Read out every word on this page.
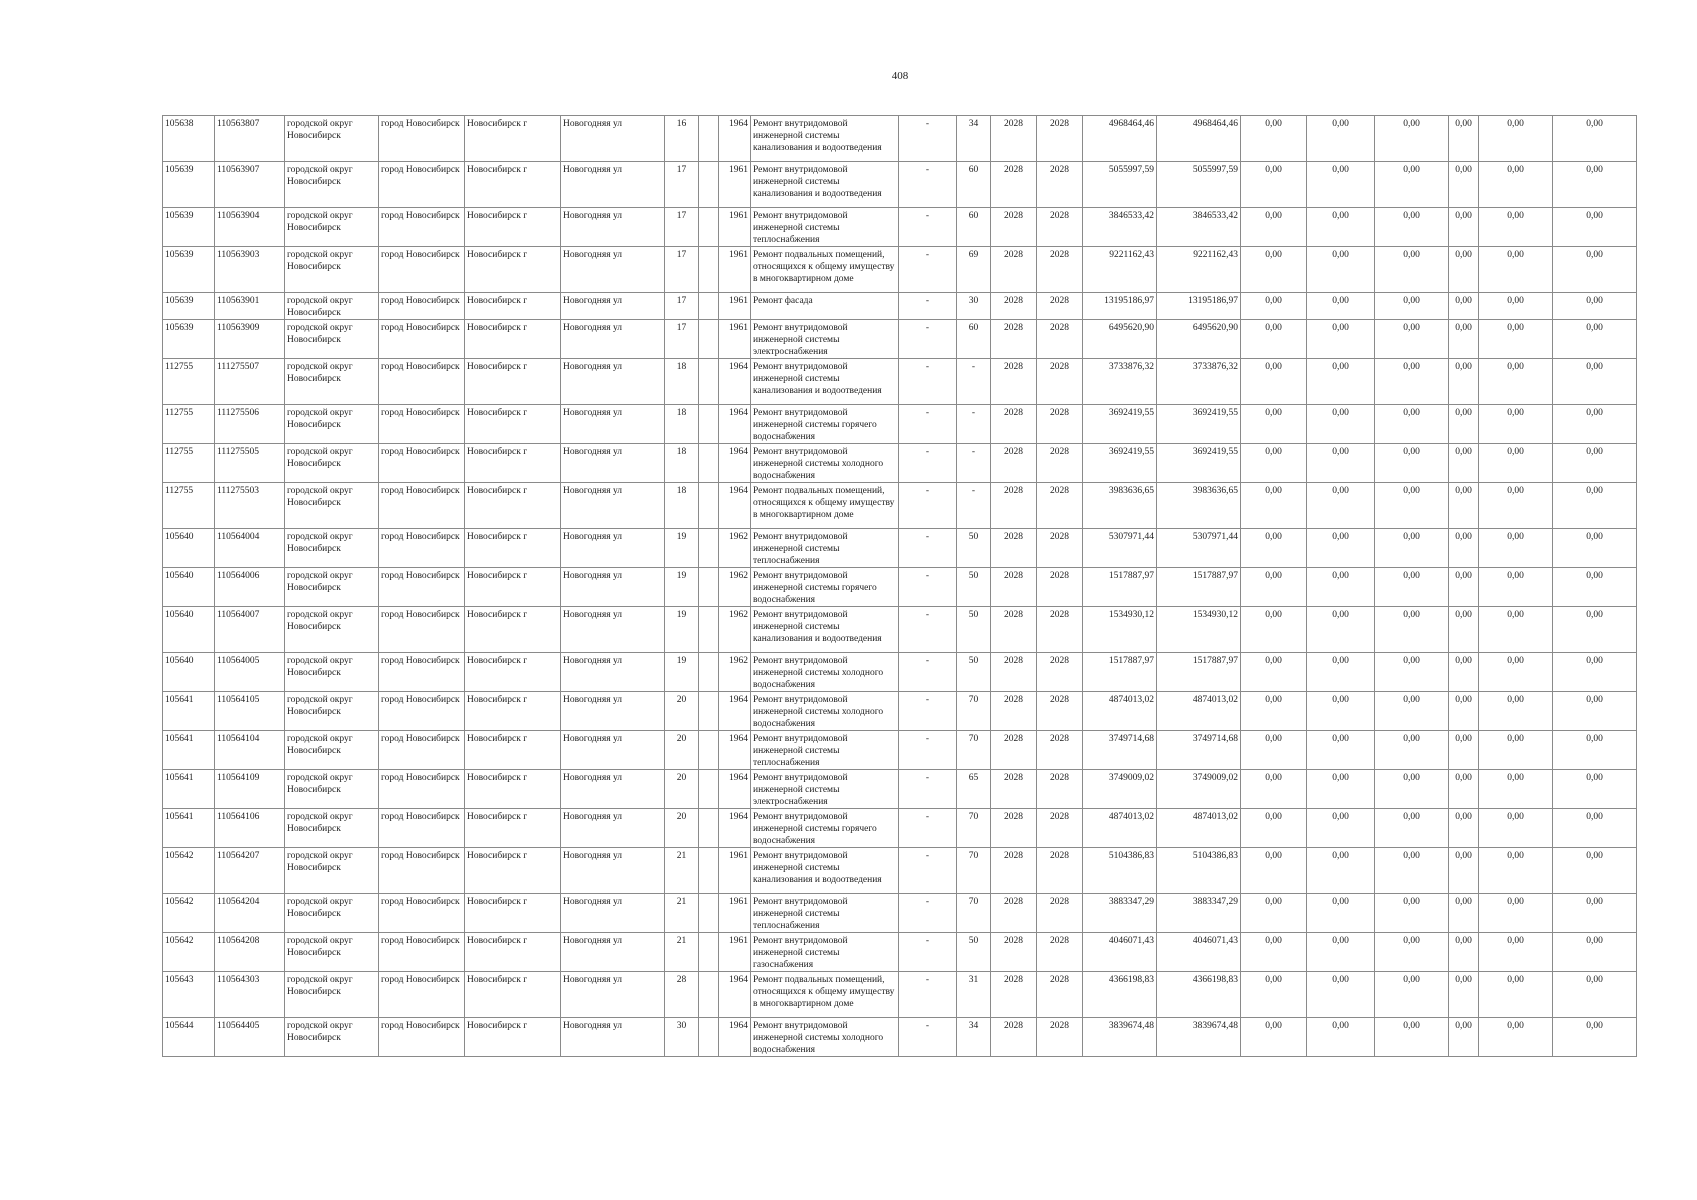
408
105638	110563807	городской округ Новосибирск	город Новосибирск	Новосибирск г	Новогодняя ул	16		1964	Ремонт внутридомовой инженерной системы канализования и водоотведения	-	34	2028	2028	4968464,46	4968464,46	0,00	0,00	0,00	0,00	0,00	0,00
105639	110563907	городской округ Новосибирск	город Новосибирск	Новосибирск г	Новогодняя ул	17		1961	Ремонт внутридомовой инженерной системы канализования и водоотведения	-	60	2028	2028	5055997,59	5055997,59	0,00	0,00	0,00	0,00	0,00	0,00
105639	110563904	городской округ Новосибирск	город Новосибирск	Новосибирск г	Новогодняя ул	17		1961	Ремонт внутридомовой инженерной системы теплоснабжения	-	60	2028	2028	3846533,42	3846533,42	0,00	0,00	0,00	0,00	0,00	0,00
105639	110563903	городской округ Новосибирск	город Новосибирск	Новосибирск г	Новогодняя ул	17		1961	Ремонт подвальных помещений, относящихся к общему имуществу в многоквартирном доме	-	69	2028	2028	9221162,43	9221162,43	0,00	0,00	0,00	0,00	0,00	0,00
105639	110563901	городской округ Новосибирск	город Новосибирск	Новосибирск г	Новогодняя ул	17		1961	Ремонт фасада	-	30	2028	2028	13195186,97	13195186,97	0,00	0,00	0,00	0,00	0,00	0,00
105639	110563909	городской округ Новосибирск	город Новосибирск	Новосибирск г	Новогодняя ул	17		1961	Ремонт внутридомовой инженерной системы электроснабжения	-	60	2028	2028	6495620,90	6495620,90	0,00	0,00	0,00	0,00	0,00	0,00
112755	111275507	городской округ Новосибирск	город Новосибирск	Новосибирск г	Новогодняя ул	18		1964	Ремонт внутридомовой инженерной системы канализования и водоотведения	-	-	2028	2028	3733876,32	3733876,32	0,00	0,00	0,00	0,00	0,00	0,00
112755	111275506	городской округ Новосибирск	город Новосибирск	Новосибирск г	Новогодняя ул	18		1964	Ремонт внутридомовой инженерной системы горячего водоснабжения	-	-	2028	2028	3692419,55	3692419,55	0,00	0,00	0,00	0,00	0,00	0,00
112755	111275505	городской округ Новосибирск	город Новосибирск	Новосибирск г	Новогодняя ул	18		1964	Ремонт внутридомовой инженерной системы холодного водоснабжения	-	-	2028	2028	3692419,55	3692419,55	0,00	0,00	0,00	0,00	0,00	0,00
112755	111275503	городской округ Новосибирск	город Новосибирск	Новосибирск г	Новогодняя ул	18		1964	Ремонт подвальных помещений, относящихся к общему имуществу в многоквартирном доме	-	-	2028	2028	3983636,65	3983636,65	0,00	0,00	0,00	0,00	0,00	0,00
105640	110564004	городской округ Новосибирск	город Новосибирск	Новосибирск г	Новогодняя ул	19		1962	Ремонт внутридомовой инженерной системы теплоснабжения	-	50	2028	2028	5307971,44	5307971,44	0,00	0,00	0,00	0,00	0,00	0,00
105640	110564006	городской округ Новосибирск	город Новосибирск	Новосибирск г	Новогодняя ул	19		1962	Ремонт внутридомовой инженерной системы горячего водоснабжения	-	50	2028	2028	1517887,97	1517887,97	0,00	0,00	0,00	0,00	0,00	0,00
105640	110564007	городской округ Новосибирск	город Новосибирск	Новосибирск г	Новогодняя ул	19		1962	Ремонт внутридомовой инженерной системы канализования и водоотведения	-	50	2028	2028	1534930,12	1534930,12	0,00	0,00	0,00	0,00	0,00	0,00
105640	110564005	городской округ Новосибирск	город Новосибирск	Новосибирск г	Новогодняя ул	19		1962	Ремонт внутридомовой инженерной системы холодного водоснабжения	-	50	2028	2028	1517887,97	1517887,97	0,00	0,00	0,00	0,00	0,00	0,00
105641	110564105	городской округ Новосибирск	город Новосибирск	Новосибирск г	Новогодняя ул	20		1964	Ремонт внутридомовой инженерной системы холодного водоснабжения	-	70	2028	2028	4874013,02	4874013,02	0,00	0,00	0,00	0,00	0,00	0,00
105641	110564104	городской округ Новосибирск	город Новосибирск	Новосибирск г	Новогодняя ул	20		1964	Ремонт внутридомовой инженерной системы теплоснабжения	-	70	2028	2028	3749714,68	3749714,68	0,00	0,00	0,00	0,00	0,00	0,00
105641	110564109	городской округ Новосибирск	город Новосибирск	Новосибирск г	Новогодняя ул	20		1964	Ремонт внутридомовой инженерной системы электроснабжения	-	65	2028	2028	3749009,02	3749009,02	0,00	0,00	0,00	0,00	0,00	0,00
105641	110564106	городской округ Новосибирск	город Новосибирск	Новосибирск г	Новогодняя ул	20		1964	Ремонт внутридомовой инженерной системы горячего водоснабжения	-	70	2028	2028	4874013,02	4874013,02	0,00	0,00	0,00	0,00	0,00	0,00
105642	110564207	городской округ Новосибирск	город Новосибирск	Новосибирск г	Новогодняя ул	21		1961	Ремонт внутридомовой инженерной системы канализования и водоотведения	-	70	2028	2028	5104386,83	5104386,83	0,00	0,00	0,00	0,00	0,00	0,00
105642	110564204	городской округ Новосибирск	город Новосибирск	Новосибирск г	Новогодняя ул	21		1961	Ремонт внутридомовой инженерной системы теплоснабжения	-	70	2028	2028	3883347,29	3883347,29	0,00	0,00	0,00	0,00	0,00	0,00
105642	110564208	городской округ Новосибирск	город Новосибирск	Новосибирск г	Новогодняя ул	21		1961	Ремонт внутридомовой инженерной системы газоснабжения	-	50	2028	2028	4046071,43	4046071,43	0,00	0,00	0,00	0,00	0,00	0,00
105643	110564303	городской округ Новосибирск	город Новосибирск	Новосибирск г	Новогодняя ул	28		1964	Ремонт подвальных помещений, относящихся к общему имуществу в многоквартирном доме	-	31	2028	2028	4366198,83	4366198,83	0,00	0,00	0,00	0,00	0,00	0,00
105644	110564405	городской округ Новосибирск	город Новосибирск	Новосибирск г	Новогодняя ул	30		1964	Ремонт внутридомовой инженерной системы холодного водоснабжения	-	34	2028	2028	3839674,48	3839674,48	0,00	0,00	0,00	0,00	0,00	0,00
